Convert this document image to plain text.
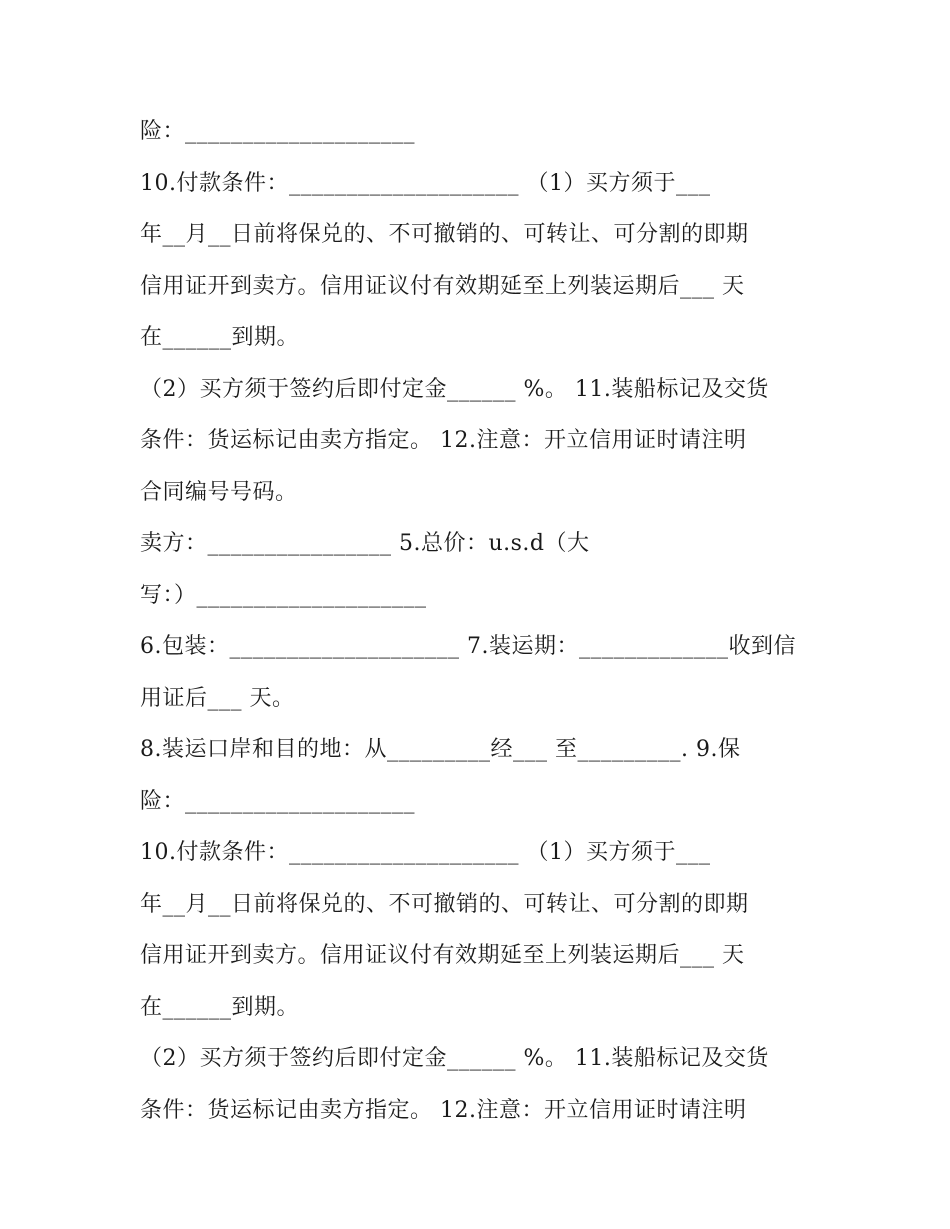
险：____________________
10.付款条件：____________________ （1）买方须于___
年__月__日前将保兑的、不可撤销的、可转让、可分割的即期
信用证开到卖方。信用证议付有效期延至上列装运期后___ 天
在______到期。
（2）买方须于签约后即付定金______ %。 11.装船标记及交货
条件：货运标记由卖方指定。 12.注意：开立信用证时请注明
合同编号号码。
卖方：________________ 5.总价：u.s.d（大
写：）____________________
6.包装：____________________ 7.装运期：_____________收到信
用证后___ 天。
8.装运口岸和目的地：从_________经___ 至_________. 9.保
险：____________________
10.付款条件：____________________ （1）买方须于___
年__月__日前将保兑的、不可撤销的、可转让、可分割的即期
信用证开到卖方。信用证议付有效期延至上列装运期后___ 天
在______到期。
（2）买方须于签约后即付定金______ %。 11.装船标记及交货
条件：货运标记由卖方指定。 12.注意：开立信用证时请注明
